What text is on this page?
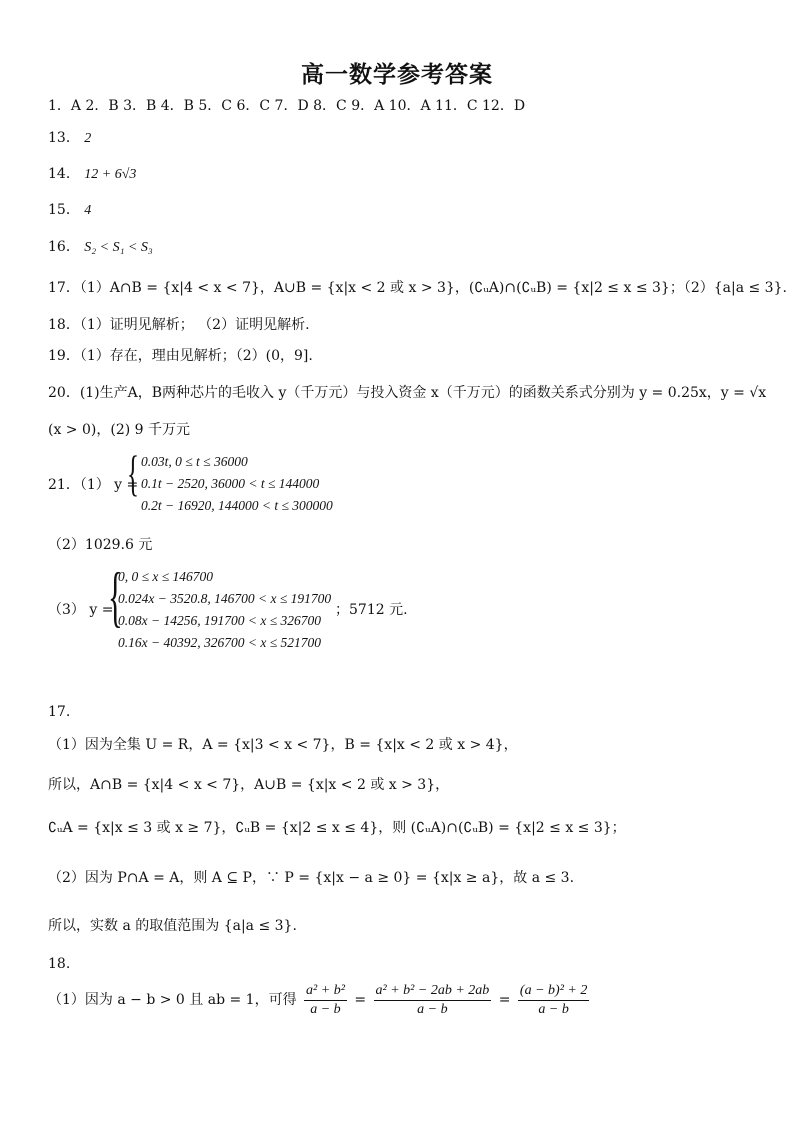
高一数学参考答案
1．A 2．B 3．B 4．B 5．C 6．C 7．D 8．C 9．A 10．A 11．C 12．D
13． 2
14． 12 + 6√3
15． 4
16． S₂ < S₁ < S₃
17．（1）A∩B = {x|4 < x < 7}，A∪B = {x|x < 2 或 x > 3}，(∁ᵤA)∩(∁ᵤB) = {x|2 ≤ x ≤ 3}；（2）{a|a ≤ 3}.
18．（1）证明见解析； （2）证明见解析.
19．（1）存在，理由见解析；（2）(0，9].
20．(1)生产A，B两种芯片的毛收入 y（千万元）与投入资金 x（千万元）的函数关系式分别为 y = 0.25x，y = √x
(x > 0)，(2) 9 千万元
21．（1） y =
{ 0.03t, 0 ≤ t ≤ 36000
0.1t − 2520, 36000 < t ≤ 144000
0.2t − 16920, 144000 < t ≤ 300000
（2）1029.6 元
（3） y =
{
0, 0 ≤ x ≤ 146700
0.024x − 3520.8, 146700 < x ≤ 191700
0.08x − 14256, 191700 < x ≤ 326700
0.16x − 40392, 326700 < x ≤ 521700
；5712 元.
17.
（1）因为全集 U = R，A = {x|3 < x < 7}，B = {x|x < 2 或 x > 4}，
所以，A∩B = {x|4 < x < 7}，A∪B = {x|x < 2 或 x > 3}，
∁ᵤA = {x|x ≤ 3 或 x ≥ 7}，∁ᵤB = {x|2 ≤ x ≤ 4}，则 (∁ᵤA)∩(∁ᵤB) = {x|2 ≤ x ≤ 3}；
（2）因为 P∩A = A，则 A ⊆ P，∵ P = {x|x − a ≥ 0} = {x|x ≥ a}，故 a ≤ 3.
所以，实数 a 的取值范围为 {a|a ≤ 3}.
18.
（1）因为 a − b > 0 且 ab = 1，可得 $\frac{\text{a² + b²}}{a - b} = \frac{\text{a² + b² − 2ab + 2ab}}{a - b} = \frac{\text{(a − b)² + 2}}{a - b}$
